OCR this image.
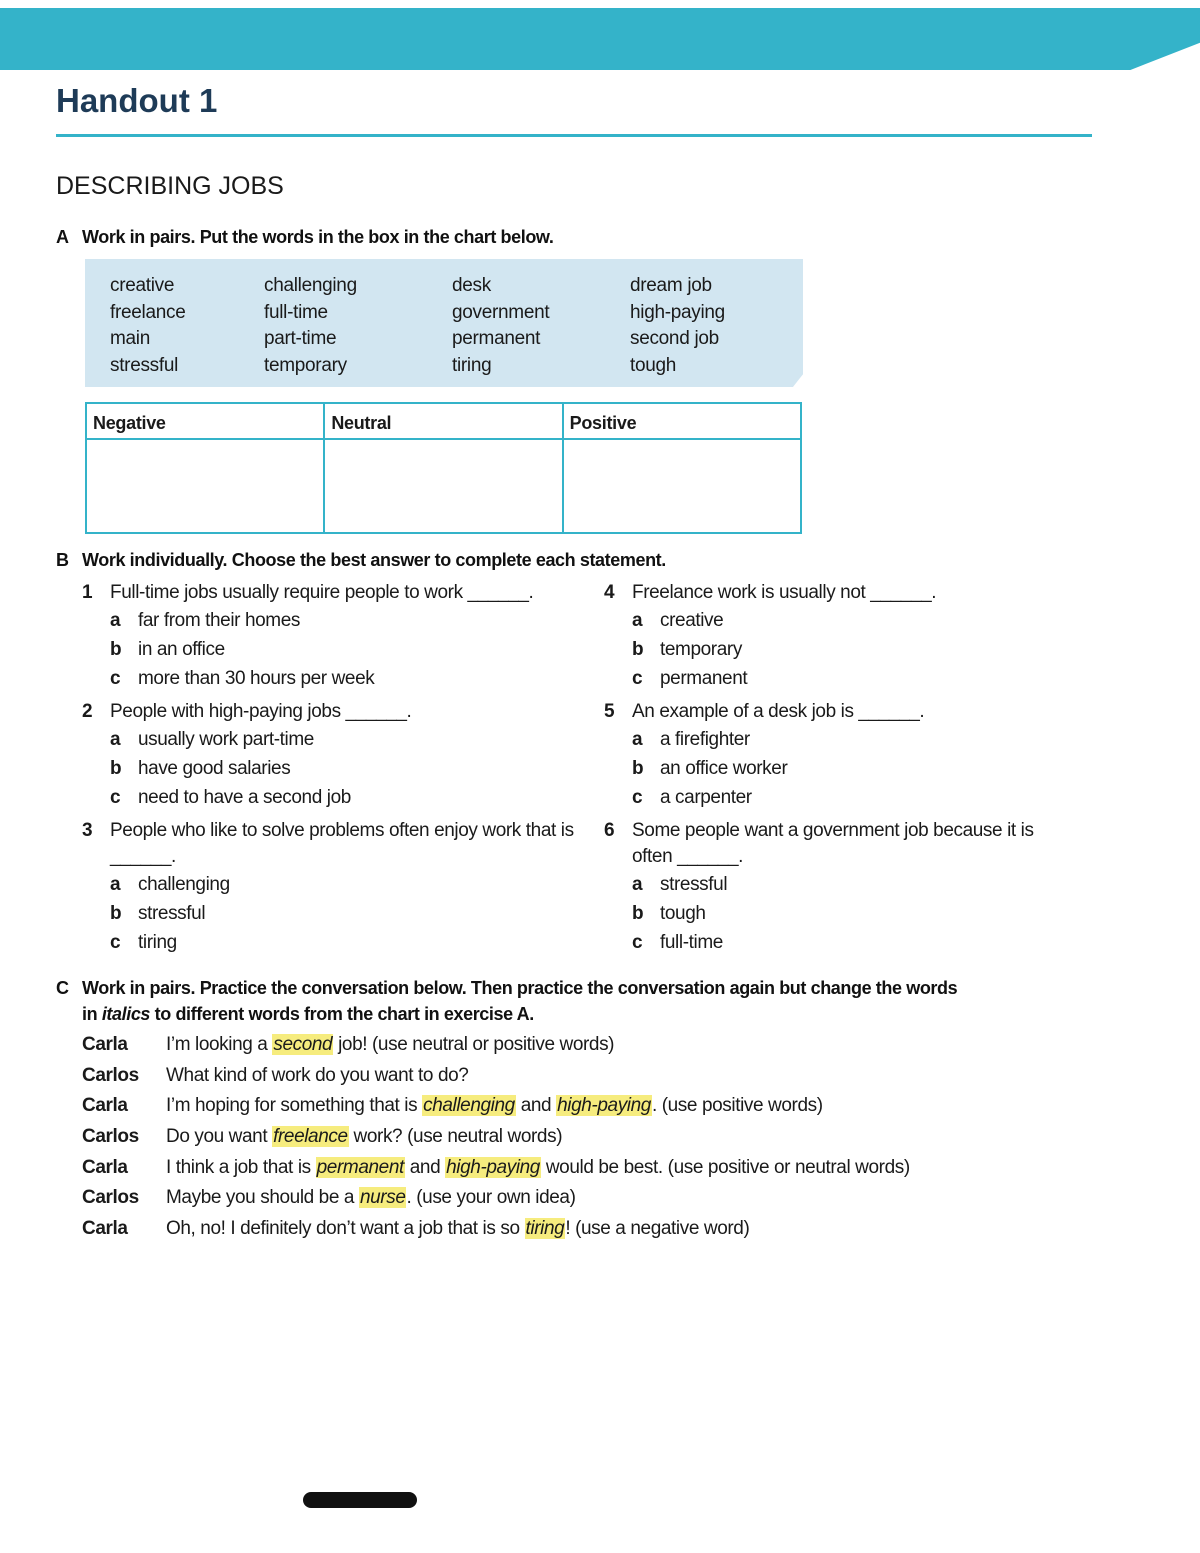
Handout 1
DESCRIBING JOBS
A Work in pairs. Put the words in the box in the chart below.
creative	challenging	desk	dream job
freelance	full-time	government	high-paying
main	part-time	permanent	second job
stressful	temporary	tiring	tough
Negative	Neutral	Positive

B Work individually. Choose the best answer to complete each statement.
1 Full-time jobs usually require people to work ______.
a far from their homes
b in an office
c more than 30 hours per week
2 People with high-paying jobs ______.
a usually work part-time
b have good salaries
c need to have a second job
3 People who like to solve problems often enjoy work that is ______.
a challenging
b stressful
c tiring
4 Freelance work is usually not ______.
a creative
b temporary
c permanent
5 An example of a desk job is ______.
a a firefighter
b an office worker
c a carpenter
6 Some people want a government job because it is often ______.
a stressful
b tough
c full-time
C Work in pairs. Practice the conversation below. Then practice the conversation again but change the words
in italics to different words from the chart in exercise A.
Carla	I’m looking a second job! (use neutral or positive words)
Carlos	What kind of work do you want to do?
Carla	I’m hoping for something that is challenging and high-paying. (use positive words)
Carlos	Do you want freelance work? (use neutral words)
Carla	I think a job that is permanent and high-paying would be best. (use positive or neutral words)
Carlos	Maybe you should be a nurse. (use your own idea)
Carla	Oh, no! I definitely don’t want a job that is so tiring! (use a negative word)
